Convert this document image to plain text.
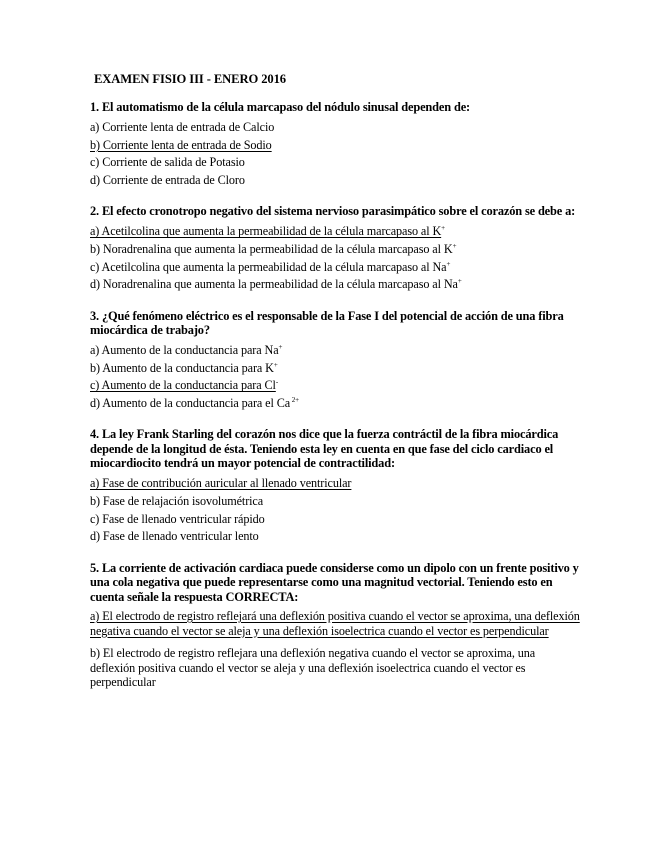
EXAMEN FISIO III - ENERO 2016
1. El automatismo de la célula marcapaso del nódulo sinusal dependen de:
a) Corriente lenta de entrada de Calcio
b) Corriente lenta de entrada de Sodio
c) Corriente de salida de Potasio
d) Corriente de entrada de Cloro
2. El efecto cronotropo negativo del sistema nervioso parasimpático sobre el corazón se debe a:
a) Acetilcolina que aumenta la permeabilidad de la célula marcapaso al K+
b) Noradrenalina que aumenta la permeabilidad de la célula marcapaso al K+
c) Acetilcolina que aumenta la permeabilidad de la célula marcapaso al Na+
d) Noradrenalina que aumenta la permeabilidad de la célula marcapaso al Na+
3. ¿Qué fenómeno eléctrico es el responsable de la Fase I del potencial de acción de una fibra miocárdica de trabajo?
a) Aumento de la conductancia para Na+
b) Aumento de la conductancia para K+
c) Aumento de la conductancia para Cl-
d) Aumento de la conductancia para el Ca $^{2+}$
4. La ley Frank Starling del corazón nos dice que la fuerza contráctil de la fibra miocárdica depende de la longitud de ésta. Teniendo esta ley en cuenta en que fase del ciclo cardiaco el miocardiocito tendrá un mayor potencial de contractilidad:
a) Fase de contribución auricular al llenado ventricular
b) Fase de relajación isovolumétrica
c) Fase de llenado ventricular rápido
d) Fase de llenado ventricular lento
5. La corriente de activación cardiaca puede considerse como un dipolo con un frente positivo y una cola negativa que puede representarse como una magnitud vectorial. Teniendo esto en cuenta señale la respuesta CORRECTA:
a) El electrodo de registro reflejará una deflexión positiva cuando el vector se aproxima, una deflexión negativa cuando el vector se aleja y una deflexión isoelectrica cuando el vector es perpendicular
b) El electrodo de registro reflejara una deflexión negativa cuando el vector se aproxima, una deflexión positiva cuando el vector se aleja y una deflexión isoelectrica cuando el vector es perpendicular
